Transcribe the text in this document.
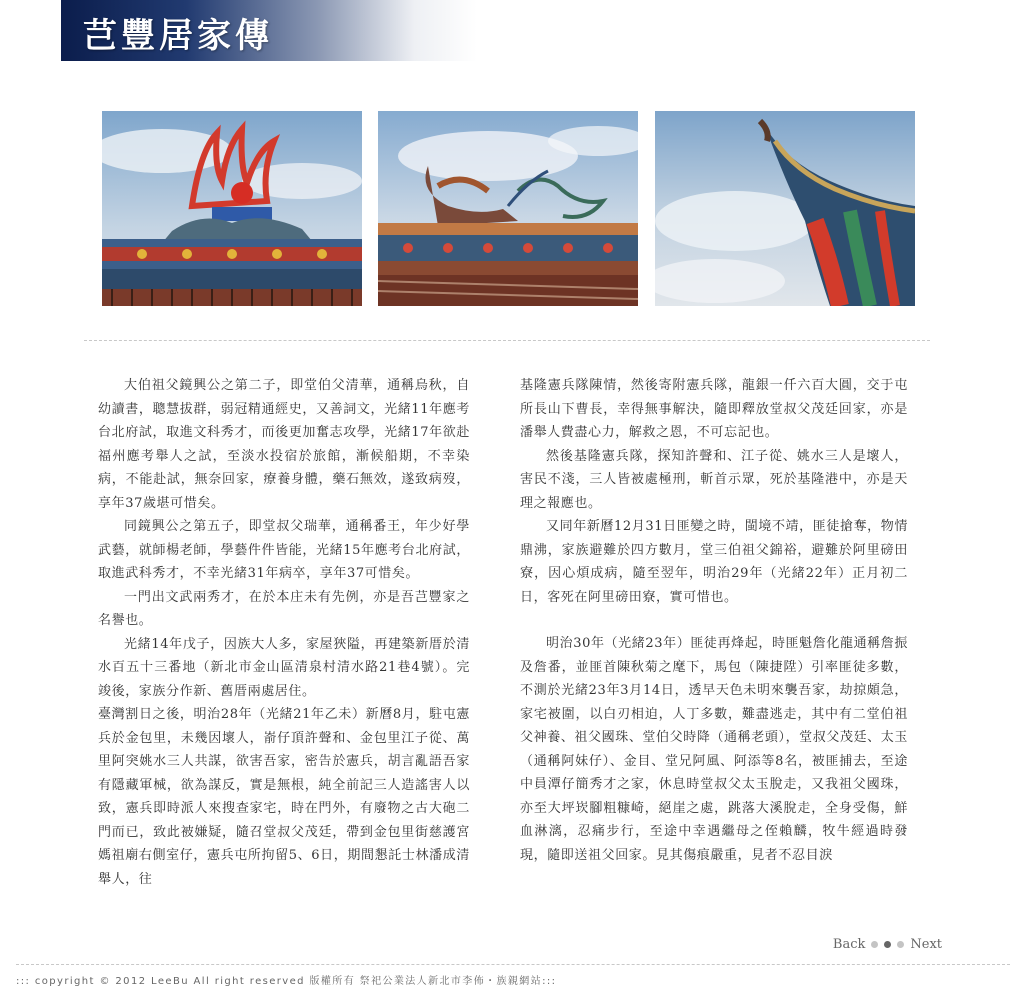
芑豐居家傳

大伯祖父鏡興公之第二子，即堂伯父清華，通稱烏秋，自幼讀書，聰慧拔群，弱冠精通經史，又善詞文，光緒11年應考台北府試，取進文科秀才，而後更加奮志攻學，光緒17年欲赴福州應考舉人之試，至淡水投宿於旅館，漸候船期，不幸染病，不能赴試，無奈回家，療養身體，藥石無效，遂致病歿，享年37歲堪可惜矣。

同鏡興公之第五子，即堂叔父瑞華，通稱番王，年少好學武藝，就師楊老師，學藝件件皆能，光緒15年應考台北府試，取進武科秀才，不幸光緒31年病卒，享年37可惜矣。

一門出文武兩秀才，在於本庄未有先例，亦是吾芑豐家之名譽也。

光緒14年戊子，因族大人多，家屋狹隘，再建築新厝於清水百五十三番地（新北市金山區清泉村清水路21巷4號）。完竣後，家族分作新、舊厝兩處居住。

臺灣割日之後，明治28年（光緒21年乙未）新曆8月，駐屯憲兵於金包里，未幾因壞人，嵛仔頂許聲和、金包里江子從、萬里阿突姚水三人共謀，欲害吾家，密告於憲兵，胡言亂語吾家有隱藏軍械，欲為謀反，實是無根，純全前記三人造謠害人以致，憲兵即時派人來搜查家宅，時在門外，有廢物之古大砲二門而已，致此被嫌疑，隨召堂叔父茂廷，帶到金包里街慈護宮媽祖廟右側室仔，憲兵屯所拘留5、6日，期間懇託士林潘成清舉人，往

基隆憲兵隊陳情，然後寄附憲兵隊，龍銀一仟六百大圓，交于屯所長山下曹長，幸得無事解決，隨即釋放堂叔父茂廷回家，亦是潘舉人費盡心力，解救之恩，不可忘記也。

然後基隆憲兵隊，探知許聲和、江子從、姚水三人是壞人，害民不淺，三人皆被處極刑，斬首示眾，死於基隆港中，亦是天理之報應也。

又同年新曆12月31日匪變之時，閩境不靖，匪徒搶奪，物情鼎沸，家族避難於四方數月，堂三伯祖父錦裕，避難於阿里磅田寮，因心煩成病，隨至翌年，明治29年（光緒22年）正月初二日，客死在阿里磅田寮，實可惜也。

明治30年（光緒23年）匪徒再烽起，時匪魁詹化龍通稱詹振及詹番，並匪首陳秋菊之麾下，馬包（陳捷陞）引率匪徒多數，不測於光緒23年3月14日，透早天色未明來襲吾家，劫掠頗急，家宅被圍，以白刃相迫，人丁多數，難盡逃走，其中有二堂伯祖父神養、祖父國珠、堂伯父時降（通稱老頭），堂叔父茂廷、太玉（通稱阿妹仔）、金目、堂兄阿風、阿添等8名，被匪捕去，至途中員潭仔簡秀才之家，休息時堂叔父太玉脫走，又我祖父國珠，亦至大坪崁腳粗糠崎，絕崖之處，跳落大溪脫走，全身受傷，鮮血淋漓，忍痛步行，至途中幸遇繼母之侄賴麟，牧牛經過時發現，隨即送祖父回家。見其傷痕嚴重，見者不忍目淚

Back	Next
::: copyright © 2012 LeeBu All right reserved 版權所有 祭祀公業法人新北市李佈・族親網站:::
